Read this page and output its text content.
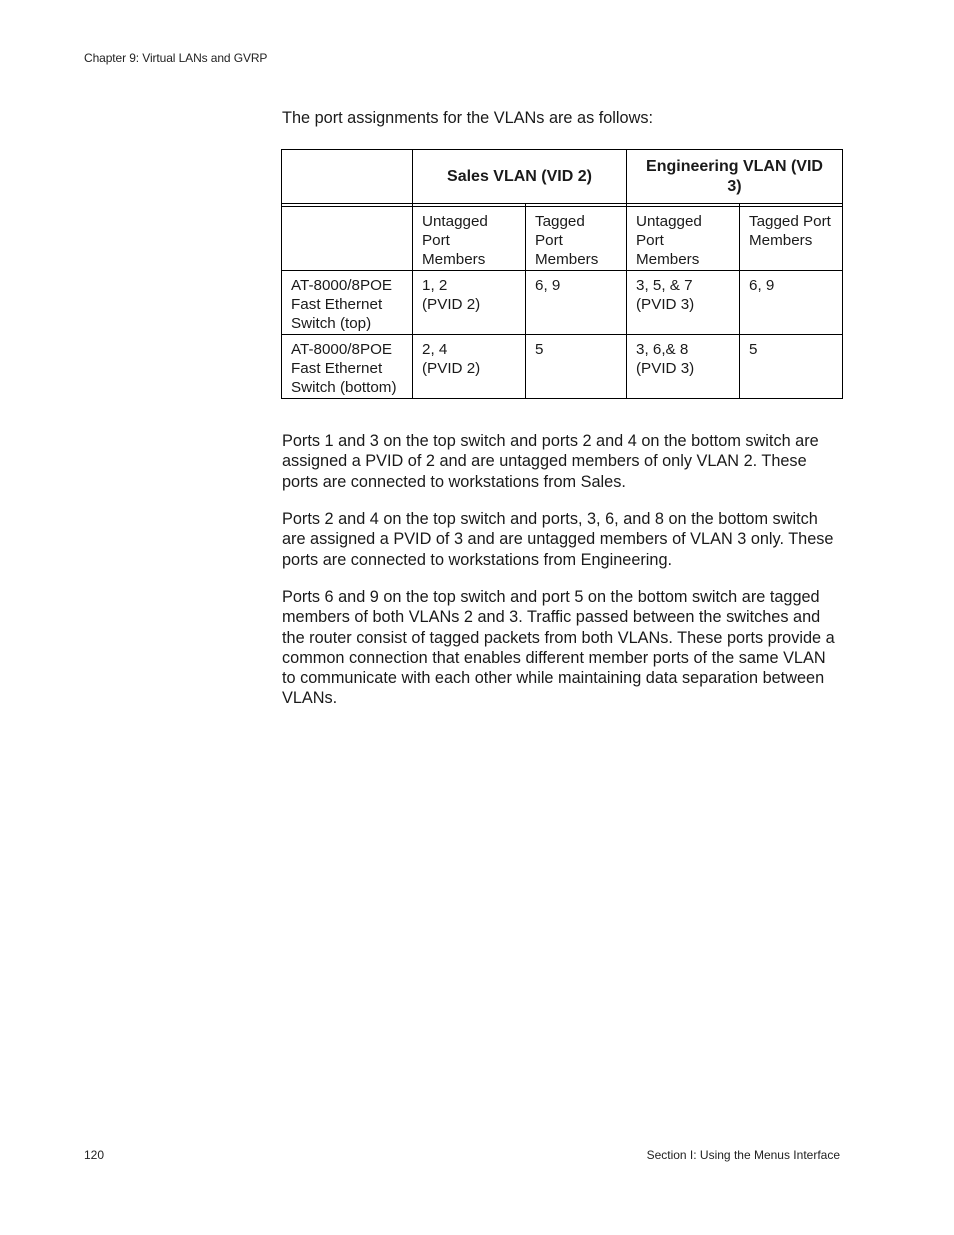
Chapter 9: Virtual LANs and GVRP

The port assignments for the VLANs are as follows:

	Sales VLAN (VID 2)		Engineering VLAN (VID 3)	

	Untagged Port Members	Tagged Port Members	Untagged Port Members	Tagged Port Members

AT-8000/8POE Fast Ethernet Switch (top)	1, 2 (PVID 2)	6, 9	3, 5, & 7 (PVID 3)	6, 9

AT-8000/8POE Fast Ethernet Switch (bottom)	2, 4 (PVID 2)	5	3, 6,& 8 (PVID 3)	5

Ports 1 and 3 on the top switch and ports 2 and 4 on the bottom switch are assigned a PVID of 2 and are untagged members of only VLAN 2. These ports are connected to workstations from Sales.

Ports 2 and 4 on the top switch and ports, 3, 6, and 8 on the bottom switch are assigned a PVID of 3 and are untagged members of VLAN 3 only. These ports are connected to workstations from Engineering.

Ports 6 and 9 on the top switch and port 5 on the bottom switch are tagged members of both VLANs 2 and 3. Traffic passed between the switches and the router consist of tagged packets from both VLANs. These ports provide a common connection that enables different member ports of the same VLAN to communicate with each other while maintaining data separation between VLANs.

120	Section I: Using the Menus Interface
